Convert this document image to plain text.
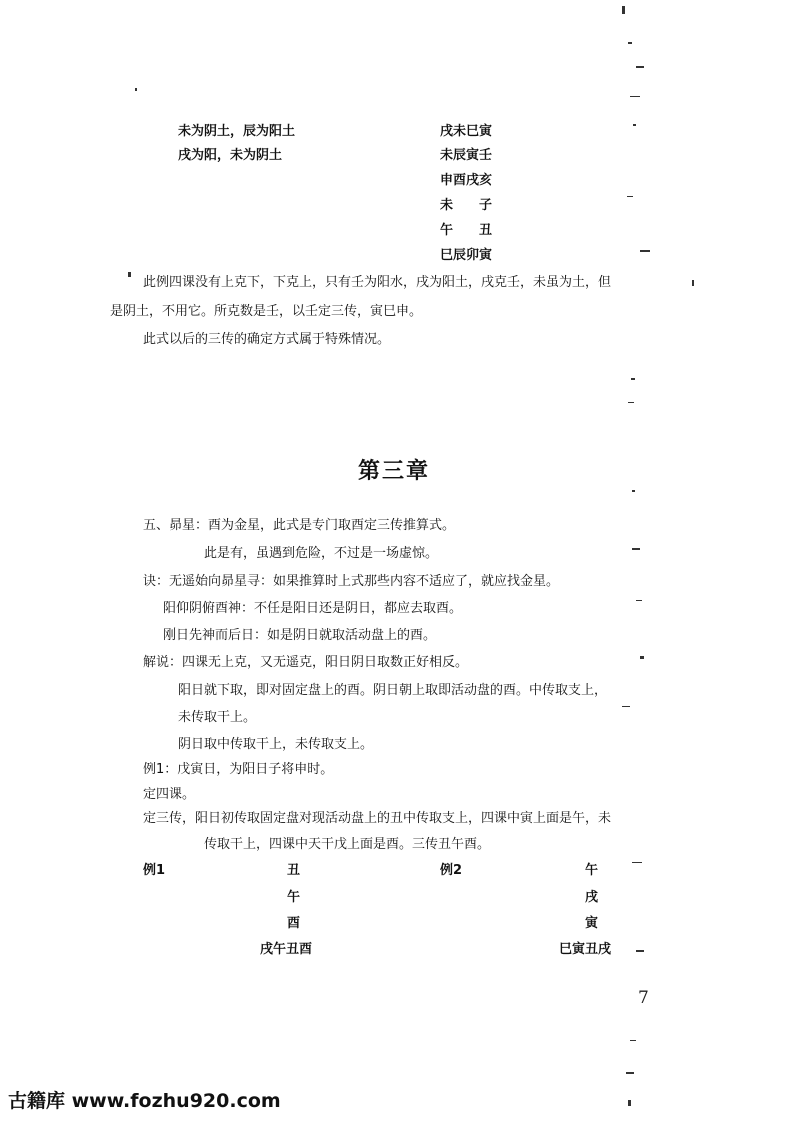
未为阴土，辰为阳土
戌为阳，未为阴土
戌未巳寅
未辰寅壬
申酉戌亥
未　　子
午　　丑
巳辰卯寅
此例四课没有上克下，下克上，只有壬为阳水，戌为阳土，戌克壬，未虽为土，但
是阴土，不用它。所克数是壬，以壬定三传，寅巳申。
此式以后的三传的确定方式属于特殊情况。
第三章
五、昴星：酉为金星，此式是专门取酉定三传推算式。
此是有，虽遇到危险，不过是一场虚惊。
诀：无遥始向昴星寻：如果推算时上式那些内容不适应了，就应找金星。
阳仰阴俯酉神：不任是阳日还是阴日，都应去取酉。
刚日先神而后日：如是阴日就取活动盘上的酉。
解说：四课无上克，又无遥克，阳日阴日取数正好相反。
阳日就下取，即对固定盘上的酉。阴日朝上取即活动盘的酉。中传取支上，
未传取干上。
阴日取中传取干上，未传取支上。
例1：戊寅日，为阳日子将申时。
定四课。
定三传，阳日初传取固定盘对现活动盘上的丑中传取支上，四课中寅上面是午，未
传取干上，四课中天干戊上面是酉。三传丑午酉。
例1	丑
午
酉
戌午丑酉
例2	午
戌
寅
巳寅丑戌
7
古籍库 www.fozhu920.com
